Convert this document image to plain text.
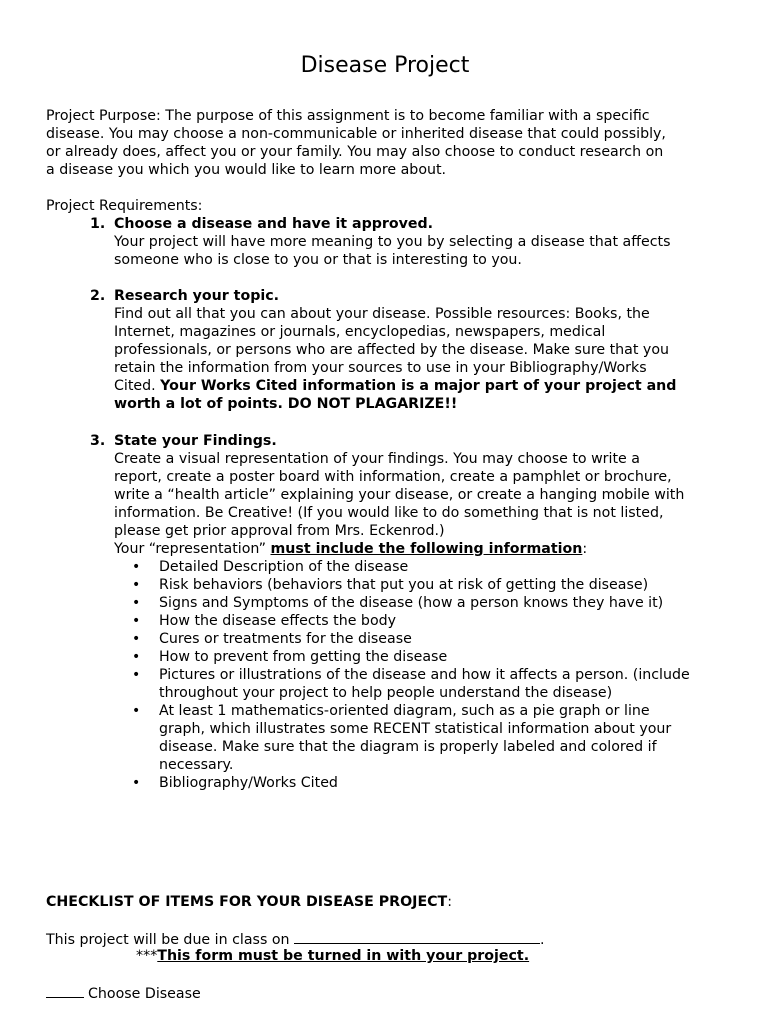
Disease Project
Project Purpose: The purpose of this assignment is to become familiar with a specific
disease. You may choose a non-communicable or inherited disease that could possibly,
or already does, affect you or your family. You may also choose to conduct research on
a disease you which you would like to learn more about.
Project Requirements:
1. Choose a disease and have it approved.
Your project will have more meaning to you by selecting a disease that affects
someone who is close to you or that is interesting to you.
2. Research your topic.
Find out all that you can about your disease. Possible resources: Books, the
Internet, magazines or journals, encyclopedias, newspapers, medical
professionals, or persons who are affected by the disease. Make sure that you
retain the information from your sources to use in your Bibliography/Works
Cited. Your Works Cited information is a major part of your project and
worth a lot of points. DO NOT PLAGARIZE!!
3. State your Findings.
Create a visual representation of your findings. You may choose to write a
report, create a poster board with information, create a pamphlet or brochure,
write a “health article” explaining your disease, or create a hanging mobile with
information. Be Creative! (If you would like to do something that is not listed,
please get prior approval from Mrs. Eckenrod.)
Your “representation” must include the following information:
• Detailed Description of the disease
• Risk behaviors (behaviors that put you at risk of getting the disease)
• Signs and Symptoms of the disease (how a person knows they have it)
• How the disease effects the body
• Cures or treatments for the disease
• How to prevent from getting the disease
• Pictures or illustrations of the disease and how it affects a person. (include
throughout your project to help people understand the disease)
• At least 1 mathematics-oriented diagram, such as a pie graph or line
graph, which illustrates some RECENT statistical information about your
disease. Make sure that the diagram is properly labeled and colored if
necessary.
• Bibliography/Works Cited
CHECKLIST OF ITEMS FOR YOUR DISEASE PROJECT:
This project will be due in class on	.
***This form must be turned in with your project.
Choose Disease
